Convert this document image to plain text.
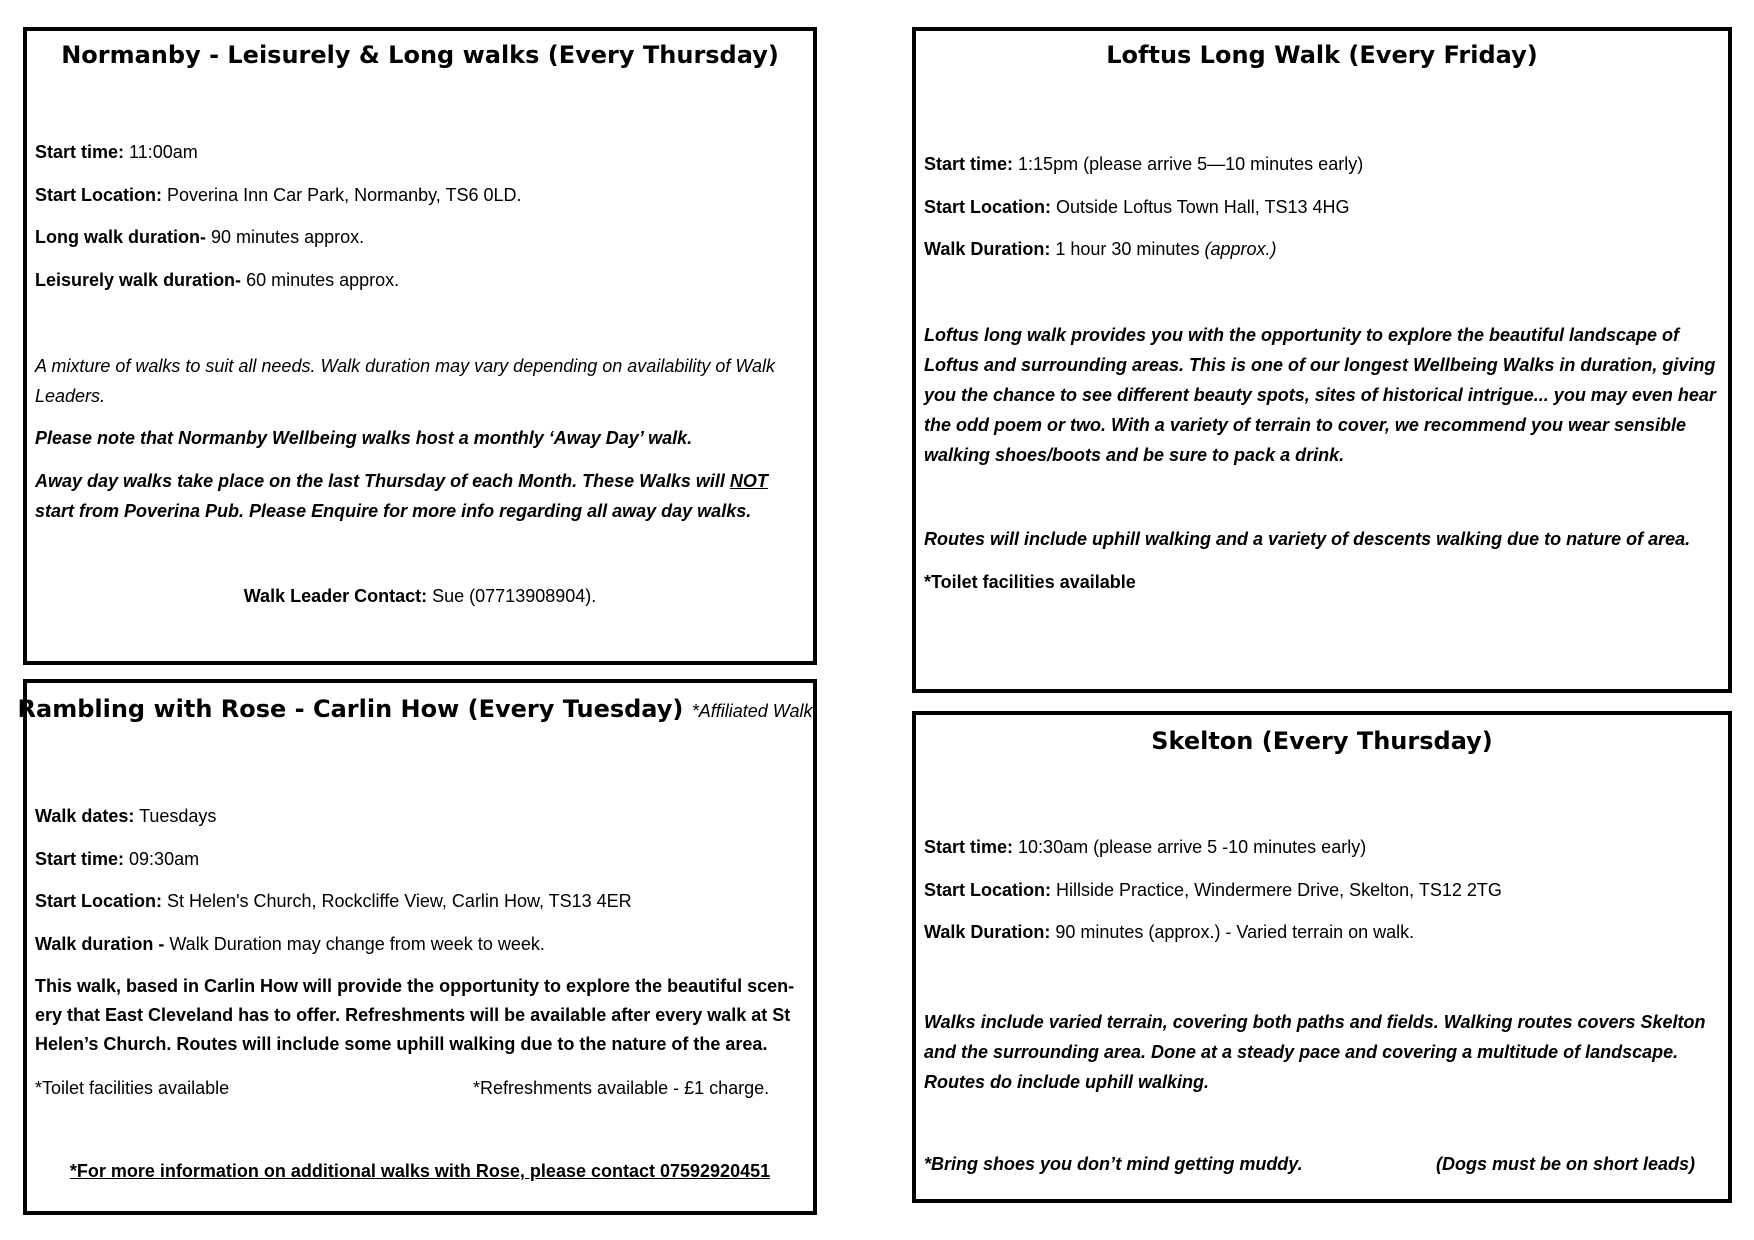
Normanby - Leisurely & Long walks (Every Thursday)
Start time: 11:00am
Start Location: Poverina Inn Car Park, Normanby, TS6 0LD.
Long walk duration- 90 minutes approx.
Leisurely walk duration- 60 minutes approx.
A mixture of walks to suit all needs. Walk duration may vary depending on availability of Walk Leaders.
Please note that Normanby Wellbeing walks host a monthly ‘Away Day’ walk.
Away day walks take place on the last Thursday of each Month. These Walks will NOT start from Poverina Pub. Please Enquire for more info regarding all away day walks.
Walk Leader Contact: Sue (07713908904).
Rambling with Rose - Carlin How (Every Tuesday) *Affiliated Walk
Walk dates: Tuesdays
Start time: 09:30am
Start Location: St Helen's Church, Rockcliffe View, Carlin How, TS13 4ER
Walk duration - Walk Duration may change from week to week.
This walk, based in Carlin How will provide the opportunity to explore the beautiful scen-ery that East Cleveland has to offer. Refreshments will be available after every walk at St Helen’s Church. Routes will include some uphill walking due to the nature of the area.
*Toilet facilities available	*Refreshments available - £1 charge.
*For more information on additional walks with Rose, please contact 07592920451
Loftus Long Walk (Every Friday)
Start time: 1:15pm (please arrive 5—10 minutes early)
Start Location: Outside Loftus Town Hall, TS13 4HG
Walk Duration: 1 hour 30 minutes (approx.)
Loftus long walk provides you with the opportunity to explore the beautiful landscape of Loftus and surrounding areas. This is one of our longest Wellbeing Walks in duration, giving you the chance to see different beauty spots, sites of historical intrigue... you may even hear the odd poem or two. With a variety of terrain to cover, we recommend you wear sensible walking shoes/boots and be sure to pack a drink.
Routes will include uphill walking and a variety of descents walking due to nature of area.
*Toilet facilities available
Skelton (Every Thursday)
Start time: 10:30am (please arrive 5 -10 minutes early)
Start Location: Hillside Practice, Windermere Drive, Skelton, TS12 2TG
Walk Duration: 90 minutes (approx.) - Varied terrain on walk.
Walks include varied terrain, covering both paths and fields. Walking routes covers Skelton and the surrounding area. Done at a steady pace and covering a multitude of landscape. Routes do include uphill walking.
*Bring shoes you don’t mind getting muddy.	(Dogs must be on short leads)
